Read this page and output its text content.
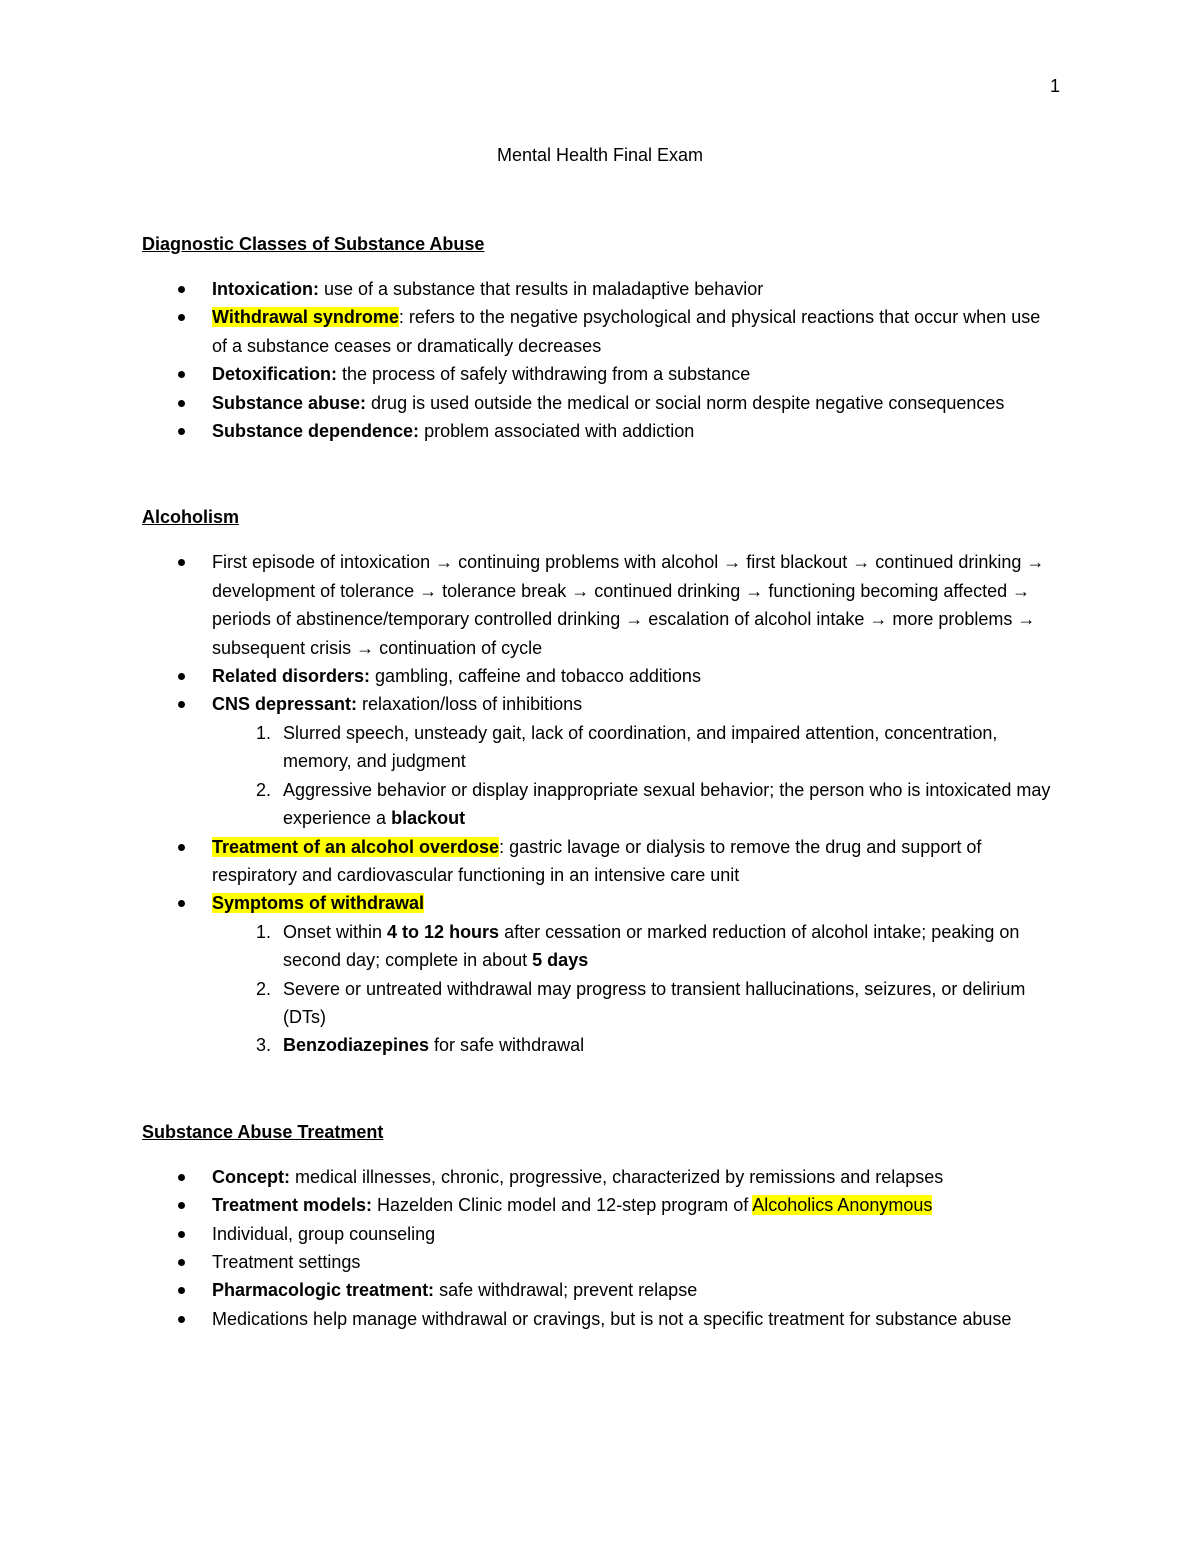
1
Mental Health Final Exam

Diagnostic Classes of Substance Abuse

Intoxication: use of a substance that results in maladaptive behavior
Withdrawal syndrome: refers to the negative psychological and physical reactions that occur when use of a substance ceases or dramatically decreases
Detoxification: the process of safely withdrawing from a substance
Substance abuse: drug is used outside the medical or social norm despite negative consequences
Substance dependence: problem associated with addiction

Alcoholism

First episode of intoxication → continuing problems with alcohol → first blackout → continued drinking → development of tolerance → tolerance break → continued drinking → functioning becoming affected → periods of abstinence/temporary controlled drinking → escalation of alcohol intake → more problems → subsequent crisis → continuation of cycle
Related disorders: gambling, caffeine and tobacco additions
CNS depressant: relaxation/loss of inhibitions
1. Slurred speech, unsteady gait, lack of coordination, and impaired attention, concentration, memory, and judgment
2. Aggressive behavior or display inappropriate sexual behavior; the person who is intoxicated may experience a blackout
Treatment of an alcohol overdose: gastric lavage or dialysis to remove the drug and support of respiratory and cardiovascular functioning in an intensive care unit
Symptoms of withdrawal
1. Onset within 4 to 12 hours after cessation or marked reduction of alcohol intake; peaking on second day; complete in about 5 days
2. Severe or untreated withdrawal may progress to transient hallucinations, seizures, or delirium (DTs)
3. Benzodiazepines for safe withdrawal

Substance Abuse Treatment

Concept: medical illnesses, chronic, progressive, characterized by remissions and relapses
Treatment models: Hazelden Clinic model and 12-step program of Alcoholics Anonymous
Individual, group counseling
Treatment settings
Pharmacologic treatment: safe withdrawal; prevent relapse
Medications help manage withdrawal or cravings, but is not a specific treatment for substance abuse
